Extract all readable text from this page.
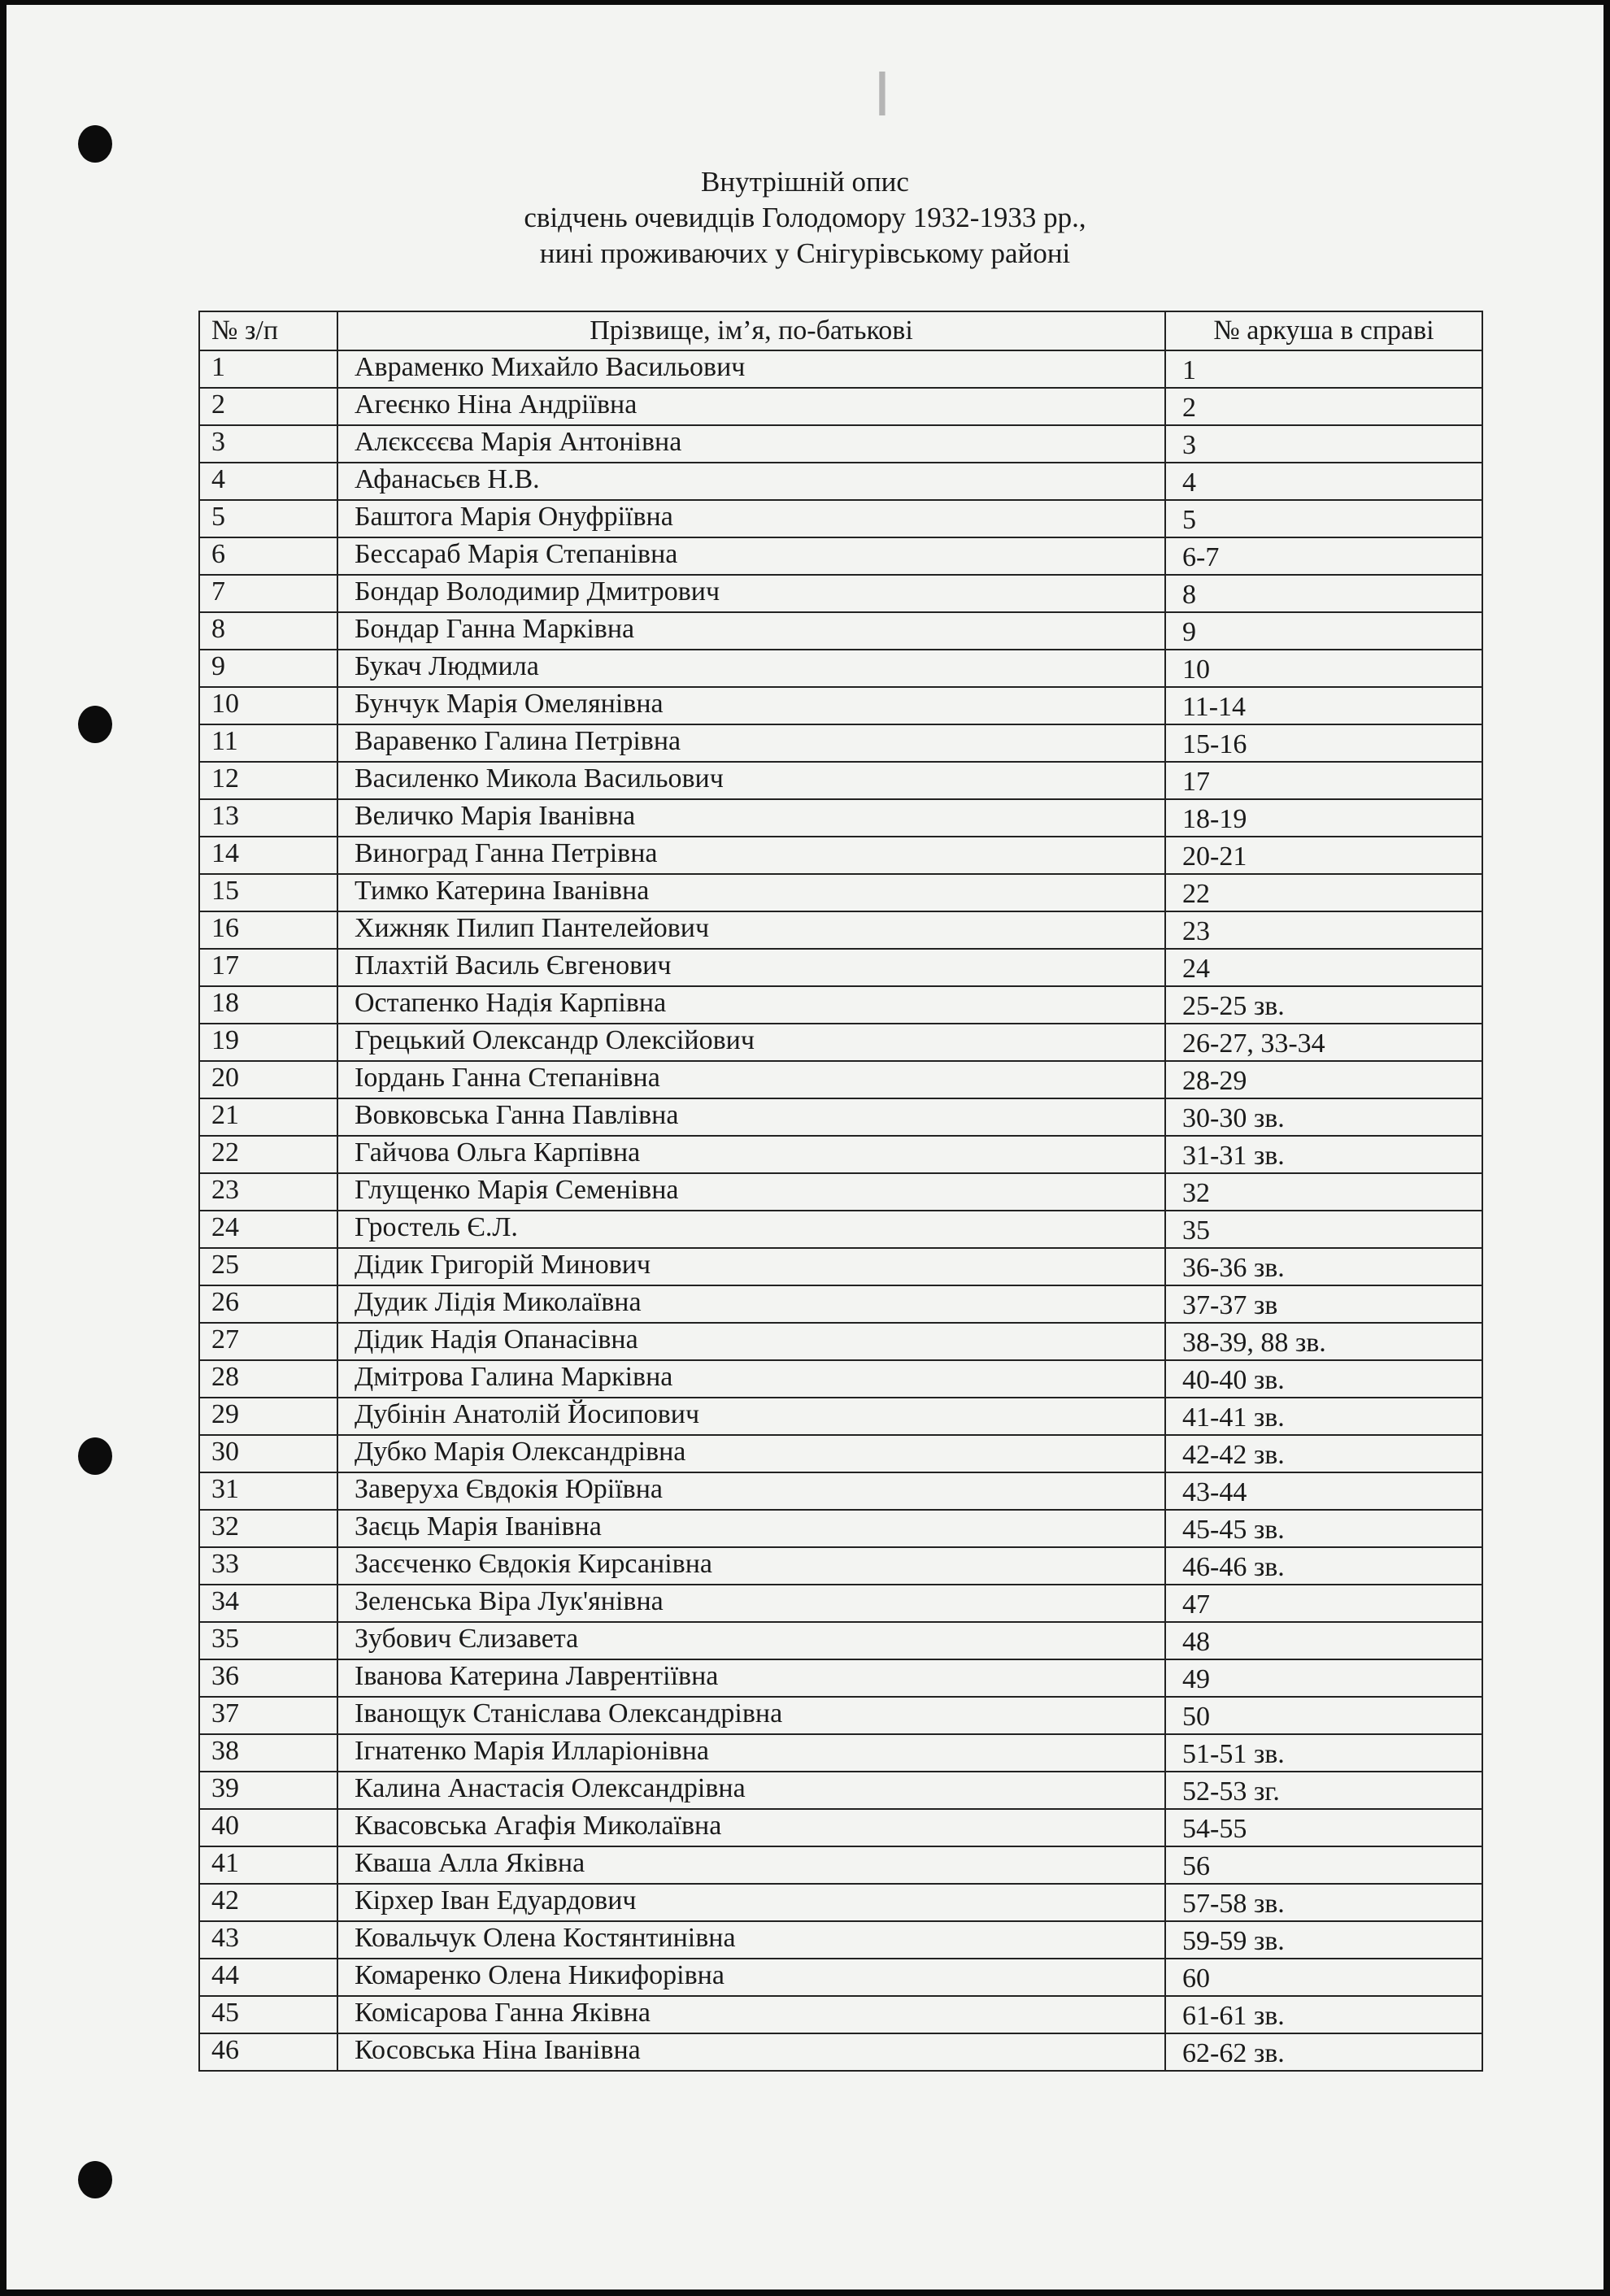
I
Внутрішній опис
свідчень очевидців Голодомору 1932-1933 рр.,
нині проживаючих у Снігурівському районі
№ з/п	Прізвище, ім’я, по-батькові	№ аркуша в справі
1	Авраменко Михайло Васильович	1
2	Агеєнко Ніна Андріївна	2
3	Алєксєєва Марія Антонівна	3
4	Афанасьєв Н.В.	4
5	Баштога Марія Онуфріївна	5
6	Бессараб Марія Степанівна	6-7
7	Бондар Володимир Дмитрович	8
8	Бондар Ганна Марківна	9
9	Букач Людмила	10
10	Бунчук Марія Омелянівна	11-14
11	Варавенко Галина Петрівна	15-16
12	Василенко Микола Васильович	17
13	Величко Марія Іванівна	18-19
14	Виноград Ганна Петрівна	20-21
15	Тимко Катерина Іванівна	22
16	Хижняк Пилип Пантелейович	23
17	Плахтій Василь Євгенович	24
18	Остапенко Надія Карпівна	25-25 зв.
19	Грецький Олександр Олексійович	26-27, 33-34
20	Іордань Ганна Степанівна	28-29
21	Вовковська Ганна Павлівна	30-30 зв.
22	Гайчова Ольга Карпівна	31-31 зв.
23	Глущенко Марія Семенівна	32
24	Гростель Є.Л.	35
25	Дідик Григорій Минович	36-36 зв.
26	Дудик Лідія Миколаївна	37-37 зв
27	Дідик Надія Опанасівна	38-39, 88 зв.
28	Дмітрова Галина Марківна	40-40 зв.
29	Дубінін Анатолій Йосипович	41-41 зв.
30	Дубко Марія Олександрівна	42-42 зв.
31	Заверуха Євдокія Юріївна	43-44
32	Заєць Марія Іванівна	45-45 зв.
33	Засєченко Євдокія Кирсанівна	46-46 зв.
34	Зеленська Віра Лук'янівна	47
35	Зубович Єлизавета	48
36	Іванова Катерина Лаврентіївна	49
37	Іванощук Станіслава Олександрівна	50
38	Ігнатенко Марія Илларіонівна	51-51 зв.
39	Калина Анастасія Олександрівна	52-53 зг.
40	Квасовська Агафія Миколаївна	54-55
41	Кваша Алла Яківна	56
42	Кірхер Іван Едуардович	57-58 зв.
43	Ковальчук Олена Костянтинівна	59-59 зв.
44	Комаренко Олена Никифорівна	60
45	Комісарова Ганна Яківна	61-61 зв.
46	Косовська Ніна Іванівна	62-62 зв.
